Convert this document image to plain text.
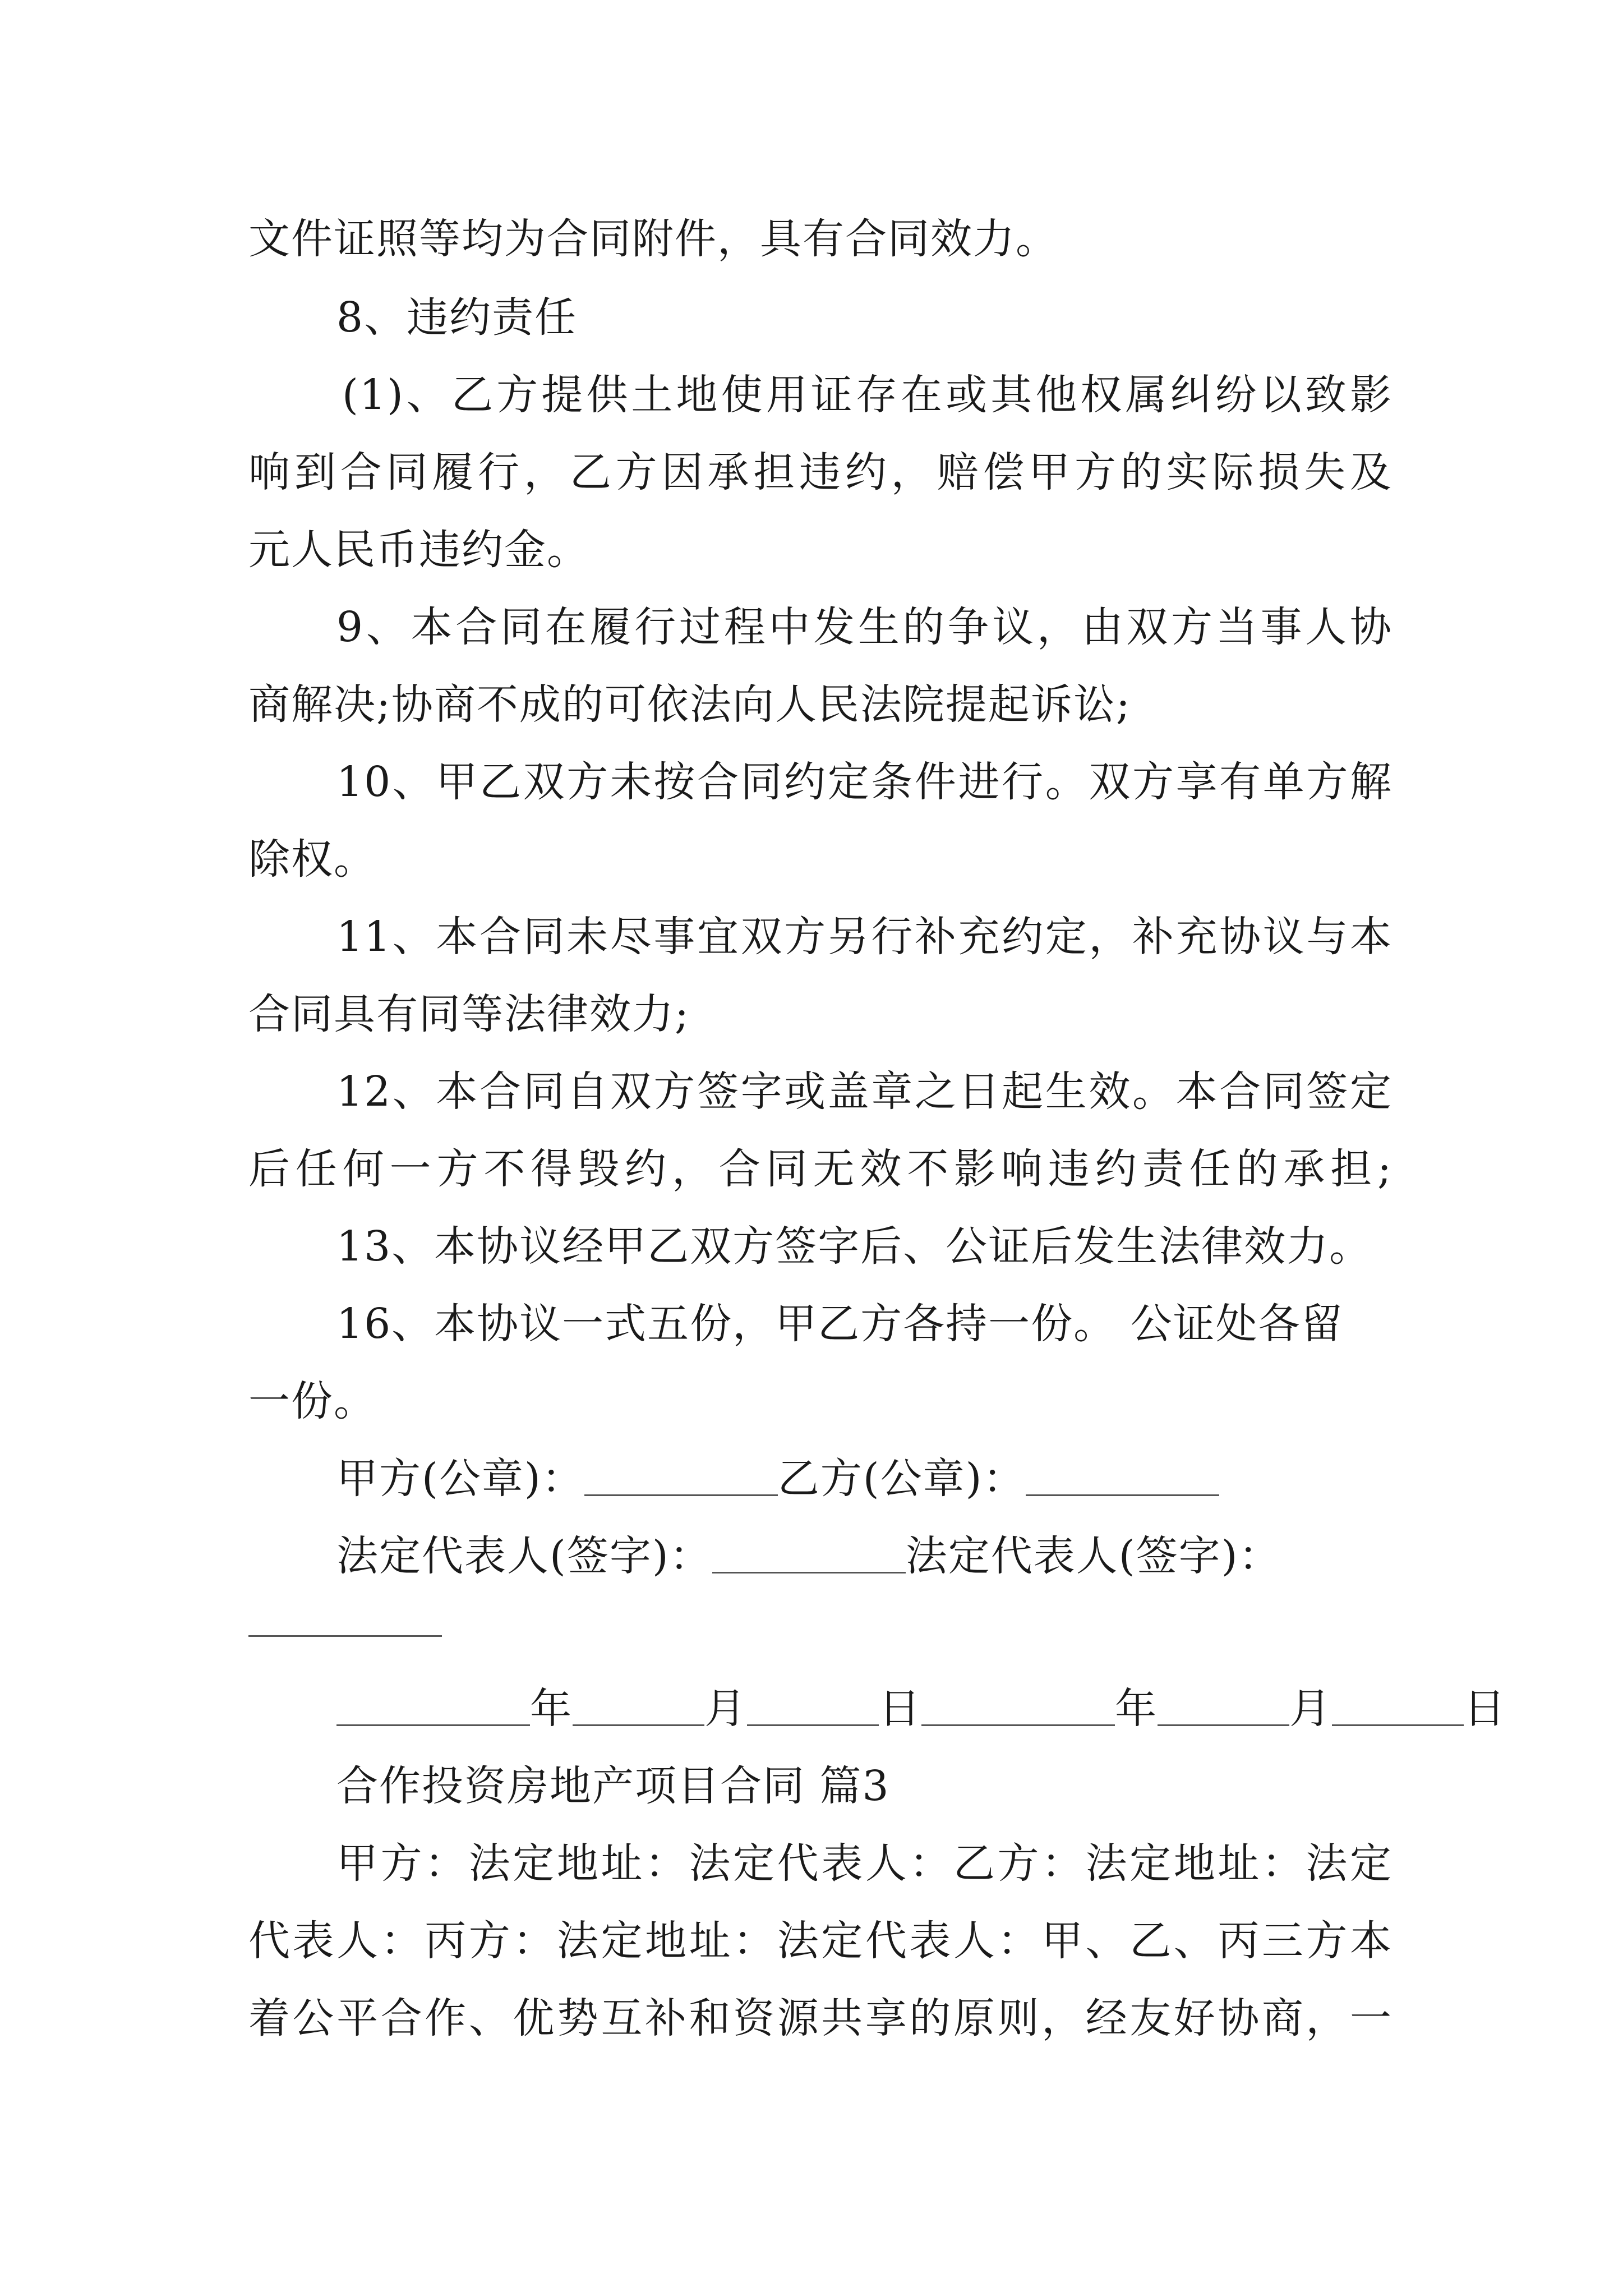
文件证照等均为合同附件，具有合同效力。
8、违约责任
(1)、乙方提供土地使用证存在或其他权属纠纷以致影
响到合同履行，乙方因承担违约，赔偿甲方的实际损失及
元人民币违约金。
9、本合同在履行过程中发生的争议，由双方当事人协
商解决;协商不成的可依法向人民法院提起诉讼;
10、甲乙双方未按合同约定条件进行。双方享有单方解
除权。
11、本合同未尽事宜双方另行补充约定，补充协议与本
合同具有同等法律效力;
12、本合同自双方签字或盖章之日起生效。本合同签定
后任何一方不得毁约，合同无效不影响违约责任的承担;
13、本协议经甲乙双方签字后、公证后发生法律效力。
16、本协议一式五份，甲乙方各持一份。 公证处各留
一份。
甲方(公章)：	乙方(公章)：
法定代表人(签字)：	法定代表人(签字)：
年	月	日	年	月	日
合作投资房地产项目合同 篇3
甲方：法定地址：法定代表人：乙方：法定地址：法定
代表人：丙方：法定地址：法定代表人：甲、乙、丙三方本
着公平合作、优势互补和资源共享的原则，经友好协商，一
